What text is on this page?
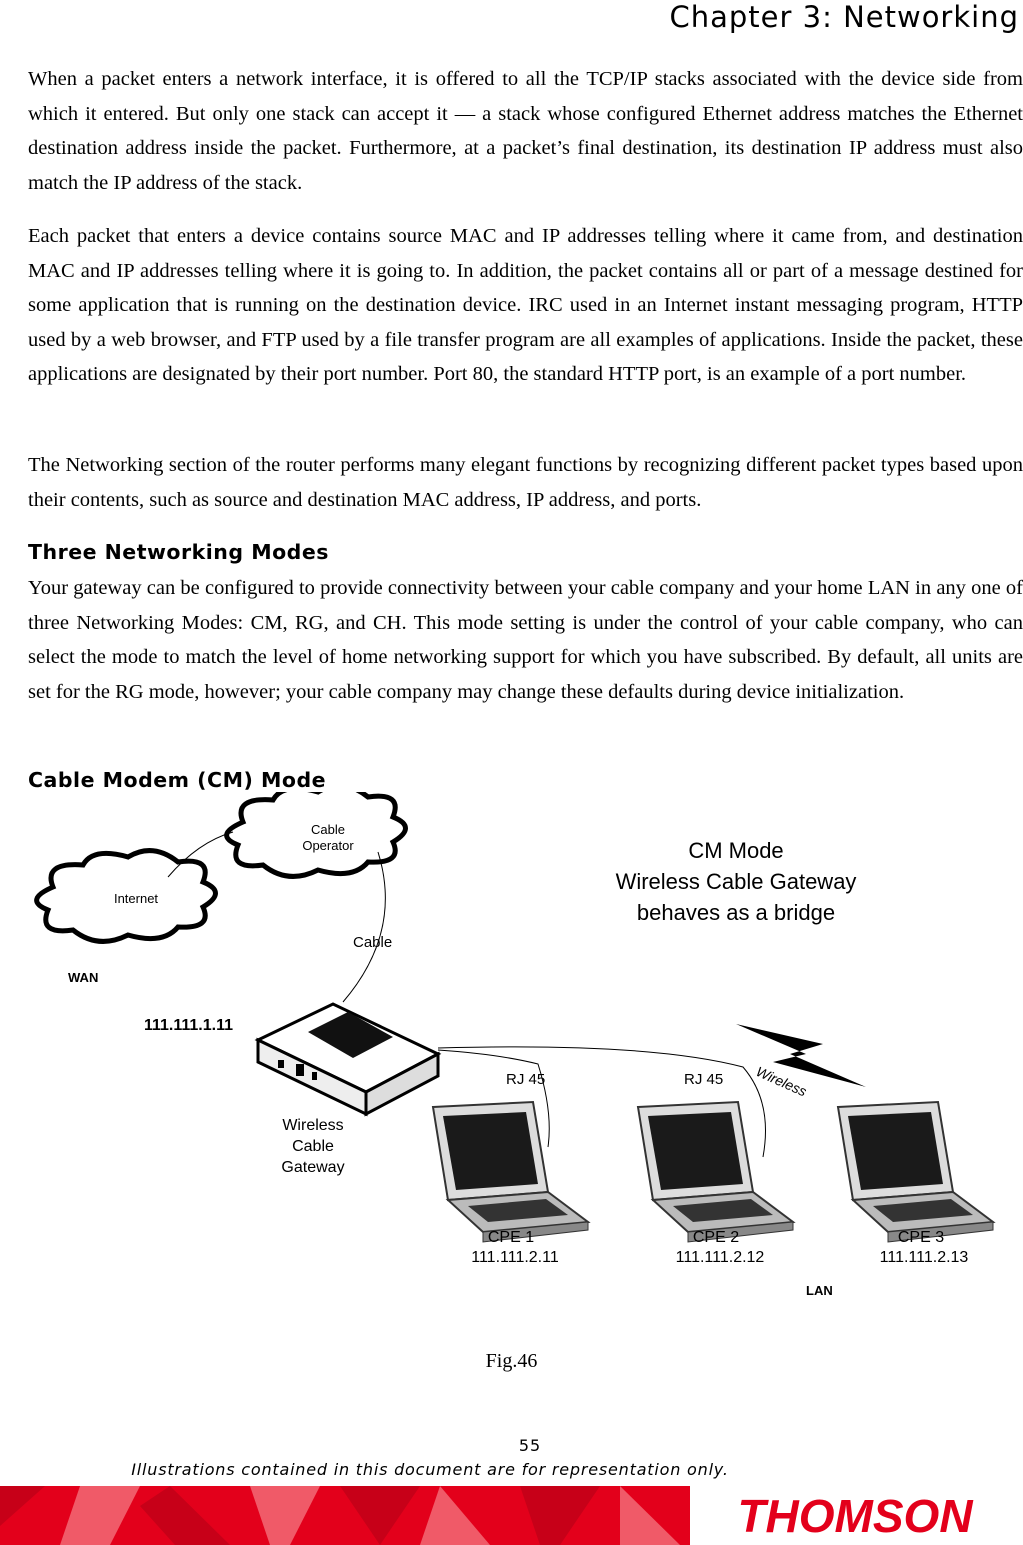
Chapter 3: Networking

When a packet enters a network interface, it is offered to all the TCP/IP stacks associated with the device side from which it entered. But only one stack can accept it — a stack whose configured Ethernet address matches the Ethernet destination address inside the packet. Furthermore, at a packet’s final destination, its destination IP address must also match the IP address of the stack.

Each packet that enters a device contains source MAC and IP addresses telling where it came from, and destination MAC and IP addresses telling where it is going to. In addition, the packet contains all or part of a message destined for some application that is running on the destination device. IRC used in an Internet instant messaging program, HTTP used by a web browser, and FTP used by a file transfer program are all examples of applications. Inside the packet, these applications are designated by their port number. Port 80, the standard HTTP port, is an example of a port number.

The Networking section of the router performs many elegant functions by recognizing different packet types based upon their contents, such as source and destination MAC address, IP address, and ports.

Three Networking Modes

Your gateway can be configured to provide connectivity between your cable company and your home LAN in any one of three Networking Modes: CM, RG, and CH. This mode setting is under the control of your cable company, who can select the mode to match the level of home networking support for which you have subscribed. By default, all units are set for the RG mode, however; your cable company may change these defaults during device initialization.

Cable Modem (CM) Mode
Cable
Operator
Internet
Cable
WAN
111.111.1.11
CM Mode
Wireless Cable Gateway
behaves as a bridge
Wireless
Cable
Gateway
RJ 45	RJ 45 Wireless
CPE 1
111.111.2.11
CPE 2
111.111.2.12
CPE 3
111.111.2.13
LAN
Fig.46
55
Illustrations contained in this document are for representation only.
THOMSON
